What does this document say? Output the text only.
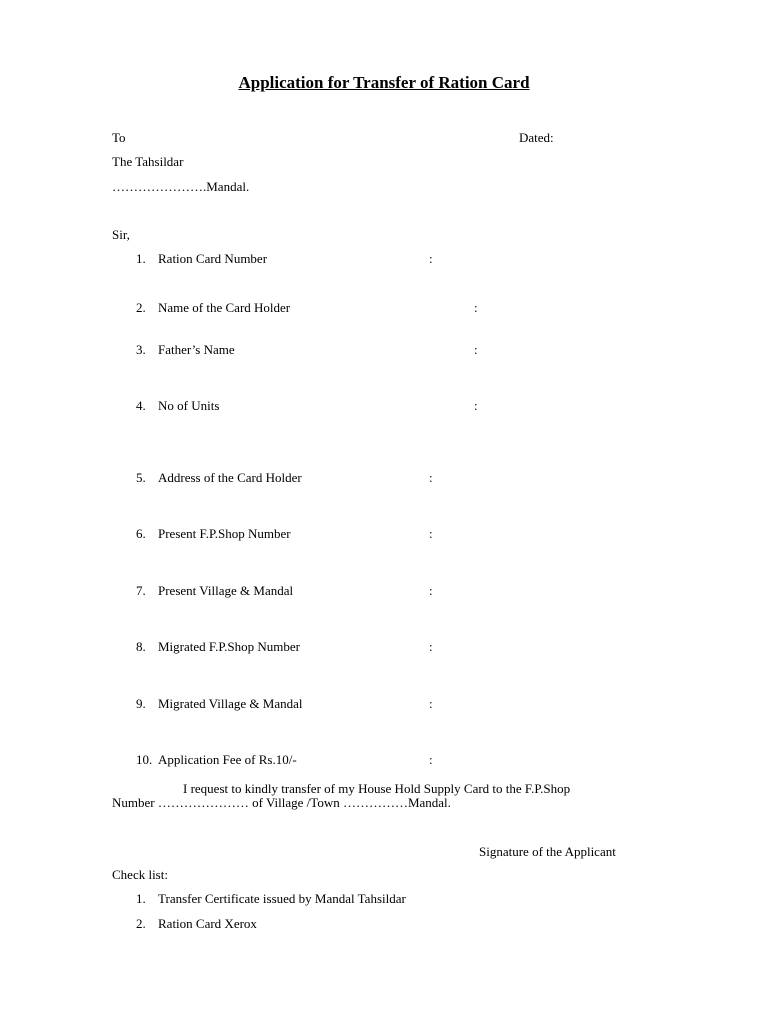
Application for Transfer of Ration Card
To	Dated:
The Tahsildar
………………….Mandal.
Sir,
1. Ration Card Number	:
2. Name of the Card Holder	:
3. Father’s Name	:
4. No of Units	:
5. Address of the Card Holder	:
6. Present F.P.Shop Number	:
7. Present Village & Mandal	:
8. Migrated F.P.Shop Number	:
9. Migrated Village & Mandal	:
10. Application Fee of Rs.10/-	:
I request to kindly transfer of my House Hold Supply Card to the F.P.Shop
Number ………………… of Village /Town ……………Mandal.
Signature of the Applicant
Check list:
1. Transfer Certificate issued by Mandal Tahsildar
2. Ration Card Xerox
